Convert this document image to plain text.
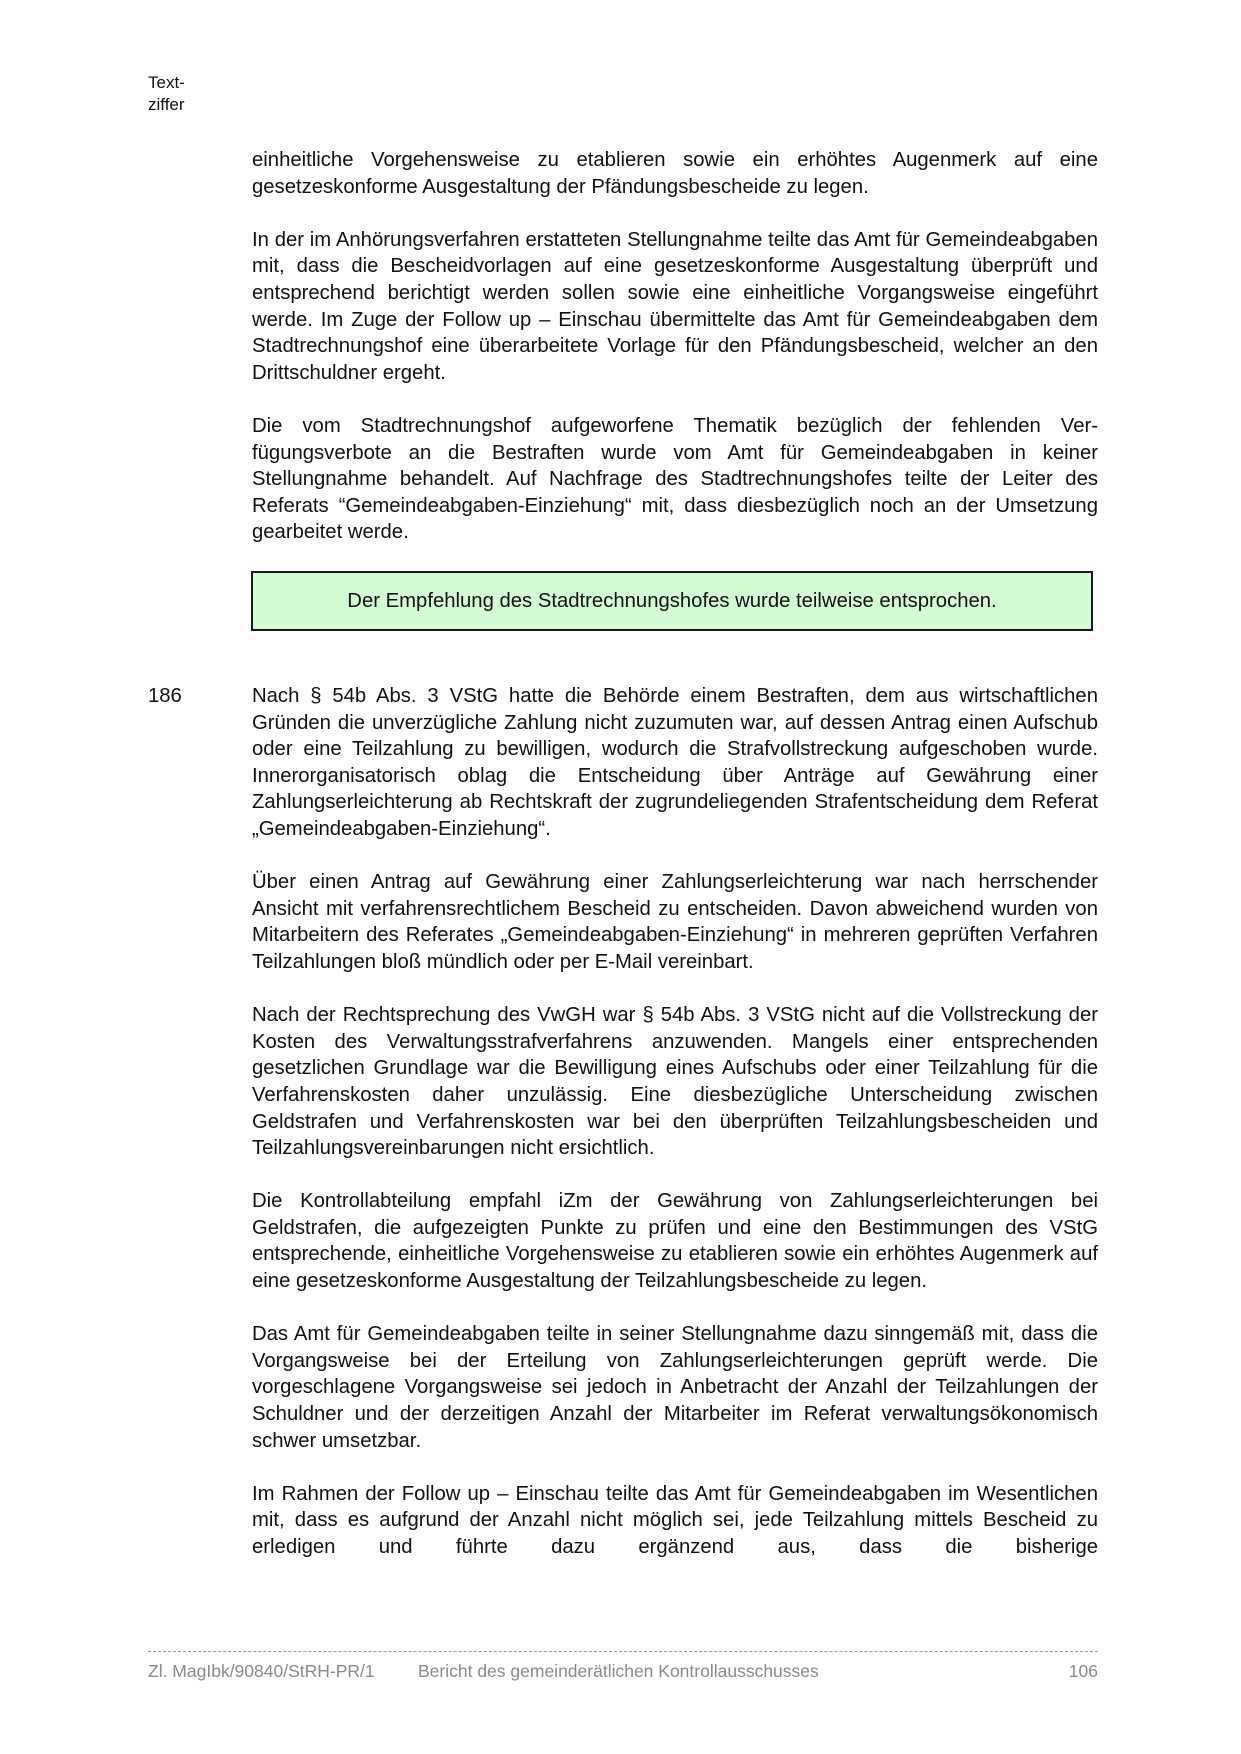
Text-
ziffer

einheitliche Vorgehensweise zu etablieren sowie ein erhöhtes Augenmerk auf eine gesetzeskonforme Ausgestaltung der Pfändungsbescheide zu legen.

In der im Anhörungsverfahren erstatteten Stellungnahme teilte das Amt für Gemeindeabgaben mit, dass die Bescheidvorlagen auf eine gesetzeskonforme Ausgestaltung überprüft und entsprechend berichtigt werden sollen sowie eine einheitliche Vorgangsweise eingeführt werde. Im Zuge der Follow up – Einschau übermittelte das Amt für Gemeindeabgaben dem Stadtrechnungshof eine überarbeitete Vorlage für den Pfändungsbescheid, welcher an den Drittschuldner ergeht.

Die vom Stadtrechnungshof aufgeworfene Thematik bezüglich der fehlenden Verfügungsverbote an die Bestraften wurde vom Amt für Gemeindeabgaben in keiner Stellungnahme behandelt. Auf Nachfrage des Stadtrechnungshofes teilte der Leiter des Referats “Gemeindeabgaben-Einziehung“ mit, dass diesbezüglich noch an der Umsetzung gearbeitet werde.

Der Empfehlung des Stadtrechnungshofes wurde teilweise entsprochen.
186	Nach § 54b Abs. 3 VStG hatte die Behörde einem Bestraften, dem aus wirtschaftlichen Gründen die unverzügliche Zahlung nicht zuzumuten war, auf dessen Antrag einen Aufschub oder eine Teilzahlung zu bewilligen, wodurch die Strafvollstreckung aufgeschoben wurde. Innerorganisatorisch oblag die Entscheidung über Anträge auf Gewährung einer Zahlungserleichterung ab Rechtskraft der zugrundeliegenden Strafentscheidung dem Referat „Gemeindeabgaben-Einziehung“.

Über einen Antrag auf Gewährung einer Zahlungserleichterung war nach herrschender Ansicht mit verfahrensrechtlichem Bescheid zu entscheiden. Davon abweichend wurden von Mitarbeitern des Referates „Gemeindeabgaben-Einziehung“ in mehreren geprüften Verfahren Teilzahlungen bloß mündlich oder per E-Mail vereinbart.

Nach der Rechtsprechung des VwGH war § 54b Abs. 3 VStG nicht auf die Vollstreckung der Kosten des Verwaltungsstrafverfahrens anzuwenden. Mangels einer entsprechenden gesetzlichen Grundlage war die Bewilligung eines Aufschubs oder einer Teilzahlung für die Verfahrenskosten daher unzulässig. Eine diesbezügliche Unterscheidung zwischen Geldstrafen und Verfahrenskosten war bei den überprüften Teilzahlungsbescheiden und Teilzahlungsvereinbarungen nicht ersichtlich.

Die Kontrollabteilung empfahl iZm der Gewährung von Zahlungserleichterungen bei Geldstrafen, die aufgezeigten Punkte zu prüfen und eine den Bestimmungen des VStG entsprechende, einheitliche Vorgehensweise zu etablieren sowie ein erhöhtes Augenmerk auf eine gesetzeskonforme Ausgestaltung der Teilzahlungsbescheide zu legen.

Das Amt für Gemeindeabgaben teilte in seiner Stellungnahme dazu sinngemäß mit, dass die Vorgangsweise bei der Erteilung von Zahlungserleichterungen geprüft werde. Die vorgeschlagene Vorgangsweise sei jedoch in Anbetracht der Anzahl der Teilzahlungen der Schuldner und der derzeitigen Anzahl der Mitarbeiter im Referat verwaltungsökonomisch schwer umsetzbar.

Im Rahmen der Follow up – Einschau teilte das Amt für Gemeindeabgaben im Wesentlichen mit, dass es aufgrund der Anzahl nicht möglich sei, jede Teilzahlung mittels Bescheid zu erledigen und führte dazu ergänzend aus, dass die bisherige

Zl. MagIbk/90840/StRH-PR/1	Bericht des gemeinderätlichen Kontrollausschusses	106
